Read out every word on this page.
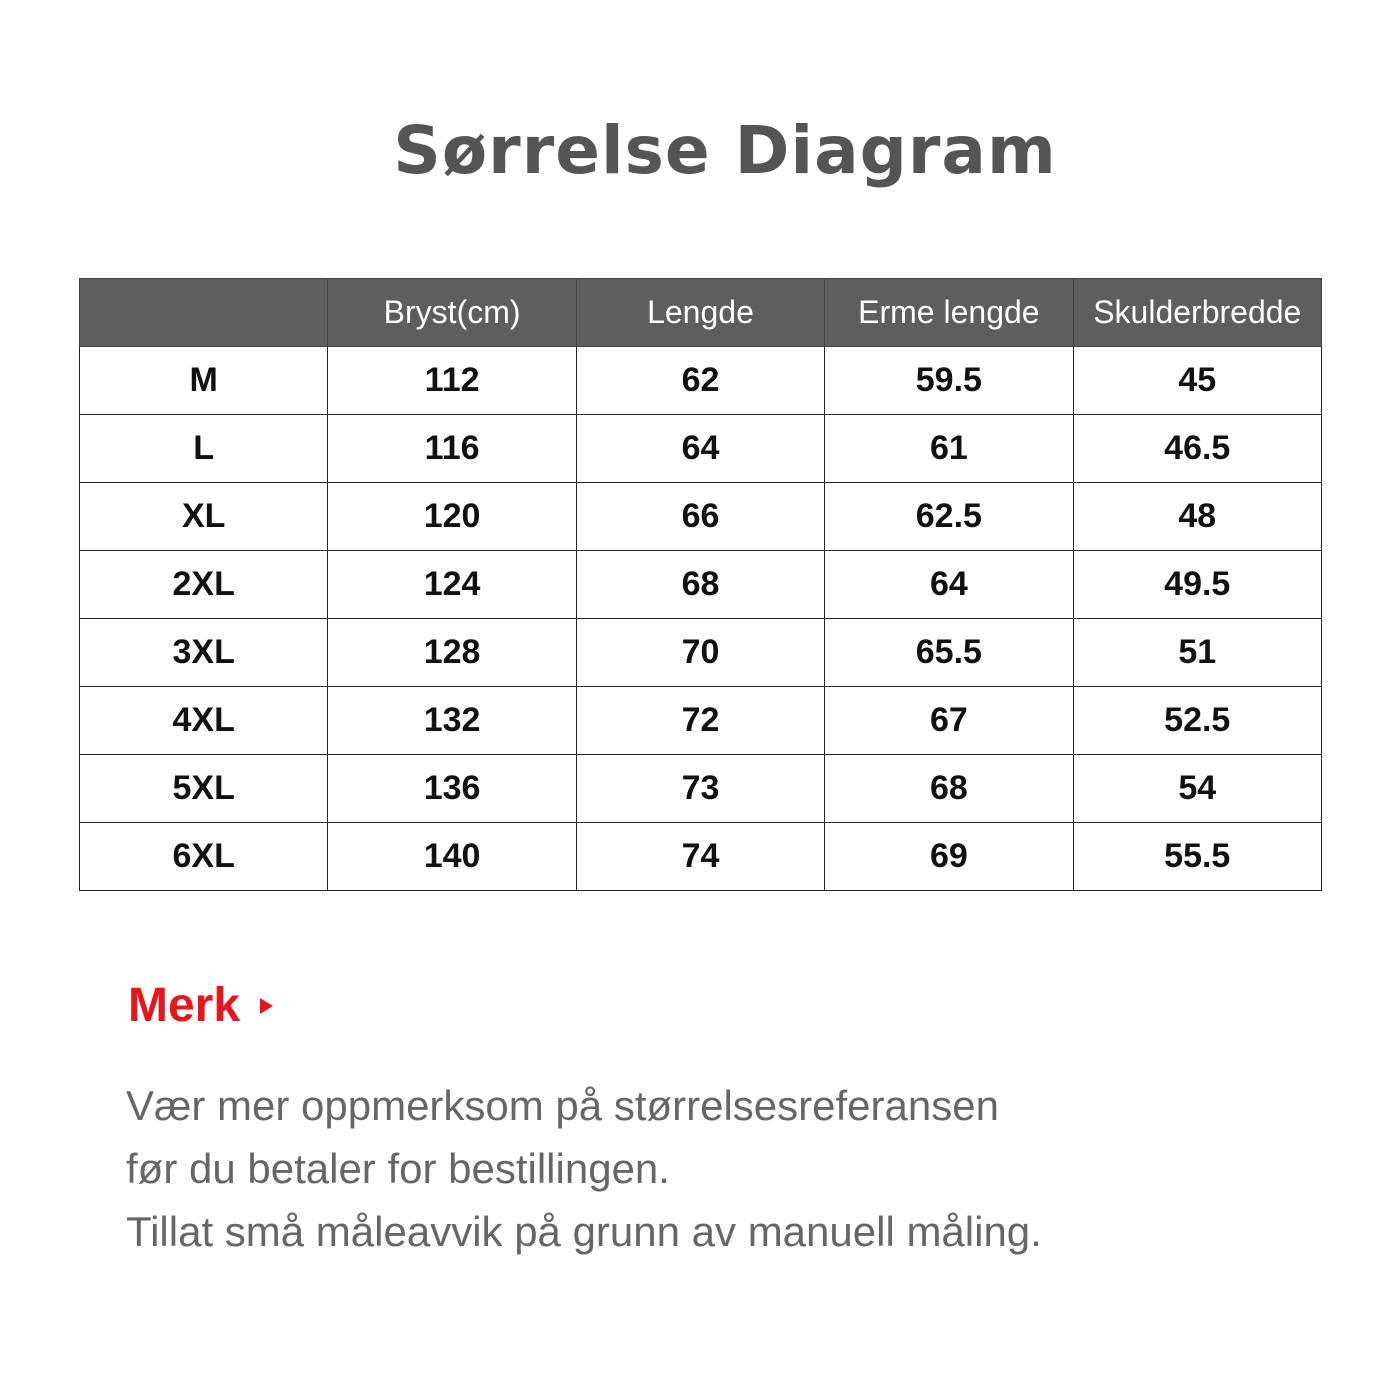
Sørrelse Diagram
	Bryst(cm)	Lengde	Erme lengde	Skulderbredde
M	112	62	59.5	45
L	116	64	61	46.5
XL	120	66	62.5	48
2XL	124	68	64	49.5
3XL	128	70	65.5	51
4XL	132	72	67	52.5
5XL	136	73	68	54
6XL	140	74	69	55.5
Merk
Vær mer oppmerksom på størrelsesreferansen
før du betaler for bestillingen.
Tillat små måleavvik på grunn av manuell måling.
